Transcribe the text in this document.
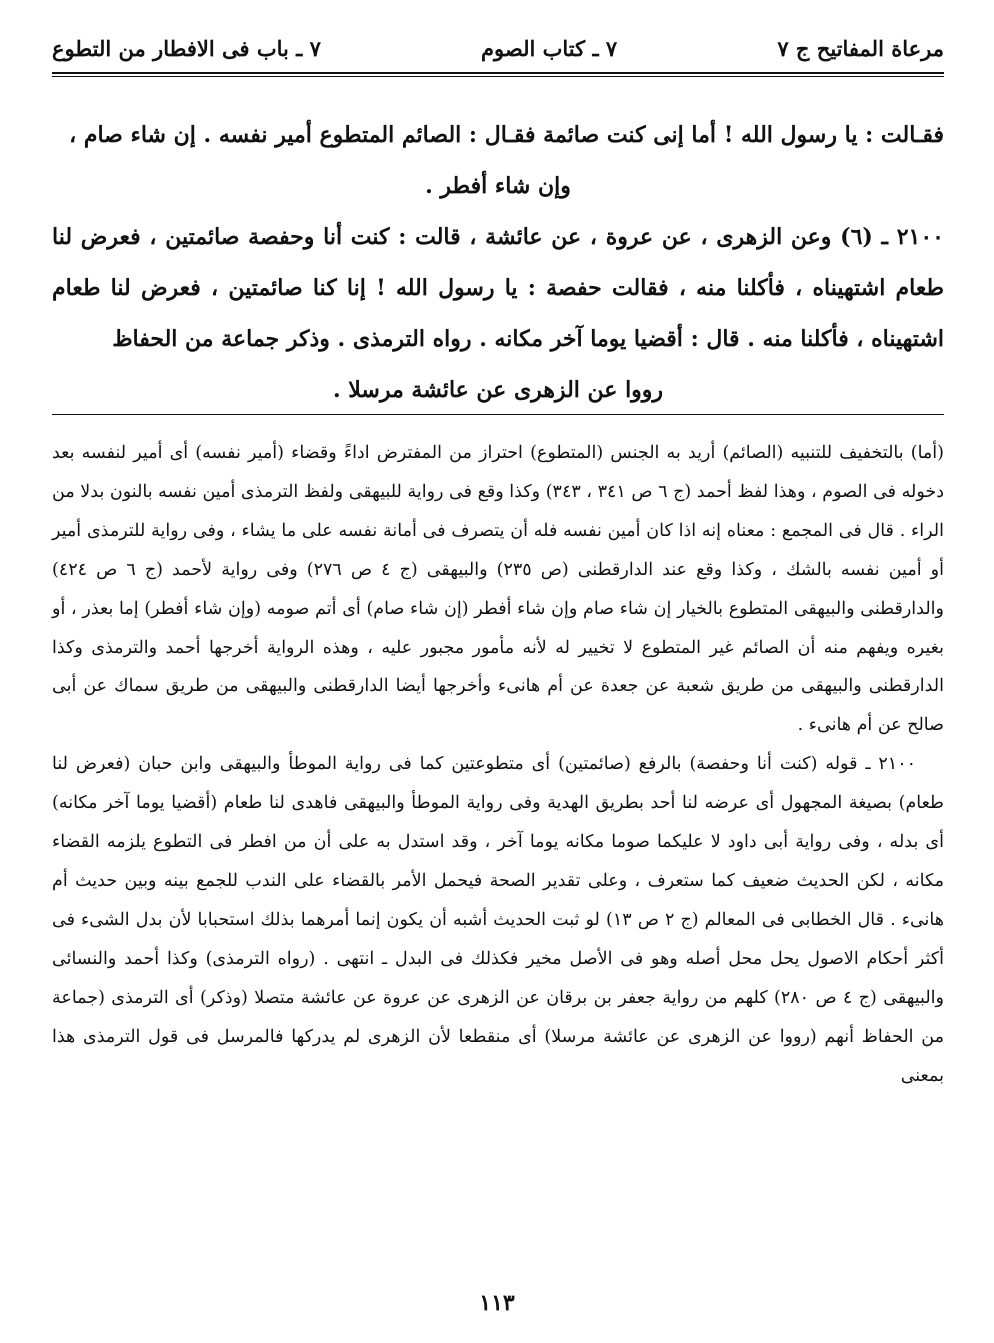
مرعاة المفاتيح ج ٧
٧ ـ كتاب الصوم
٧ ـ باب فى الافطار من التطوع

فقـالت : يا رسول الله ! أما إنى كنت صائمة فقـال : الصائم المتطوع أمير نفسه . إن شاء صام ،

وإن شاء أفطر .

٢١٠٠ ـ (٦) وعن الزهرى ، عن عروة ، عن عائشة ، قالت : كنت أنا وحفصة صائمتين ، فعرض لنا طعام اشتهيناه ، فأكلنا منه ، فقالت حفصة : يا رسول الله ! إنا كنا صائمتين ، فعرض لنا طعام اشتهيناه ، فأكلنا منه . قال : أقضيا يوما آخر مكانه . رواه الترمذى . وذكر جماعة من الحفاظ

رووا عن الزهرى عن عائشة مرسلا .

(أما) بالتخفيف للتنبيه (الصائم) أريد به الجنس (المتطوع) احتراز من المفترض اداءً وقضاء (أمير نفسه) أى أمير لنفسه بعد دخوله فى الصوم ، وهذا لفظ أحمد (ج ٦ ص ٣٤١ ، ٣٤٣) وكذا وقع فى رواية للبيهقى ولفظ الترمذى أمين نفسه بالنون بدلا من الراء . قال فى المجمع : معناه إنه اذا كان أمين نفسه فله أن يتصرف فى أمانة نفسه على ما يشاء ، وفى رواية للترمذى أمير أو أمين نفسه بالشك ، وكذا وقع عند الدارقطنى (ص ٢٣٥) والبيهقى (ج ٤ ص ٢٧٦) وفى رواية لأحمد (ج ٦ ص ٤٢٤) والدارقطنى والبيهقى المتطوع بالخيار إن شاء صام وإن شاء أفطر (إن شاء صام) أى أتم صومه (وإن شاء أفطر) إما بعذر ، أو بغيره ويفهم منه أن الصائم غير المتطوع لا تخيير له لأنه مأمور مجبور عليه ، وهذه الرواية أخرجها أحمد والترمذى وكذا الدارقطنى والبيهقى من طريق شعبة عن جعدة عن أم هانىء وأخرجها أيضا الدارقطنى والبيهقى من طريق سماك عن أبى صالح عن أم هانىء .

٢١٠٠ ـ قوله (كنت أنا وحفصة) بالرفع (صائمتين) أى متطوعتين كما فى رواية الموطأ والبيهقى وابن حبان (فعرض لنا طعام) بصيغة المجهول أى عرضه لنا أحد بطريق الهدية وفى رواية الموطأ والبيهقى فاهدى لنا طعام (أقضيا يوما آخر مكانه) أى بدله ، وفى رواية أبى داود لا عليكما صوما مكانه يوما آخر ، وقد استدل به على أن من افطر فى التطوع يلزمه القضاء مكانه ، لكن الحديث ضعيف كما ستعرف ، وعلى تقدير الصحة فيحمل الأمر بالقضاء على الندب للجمع بينه وبين حديث أم هانىء . قال الخطابى فى المعالم (ج ٢ ص ١٣) لو ثبت الحديث أشبه أن يكون إنما أمرهما بذلك استحبابا لأن بدل الشىء فى أكثر أحكام الاصول يحل محل أصله وهو فى الأصل مخير فكذلك فى البدل ـ انتهى . (رواه الترمذى) وكذا أحمد والنسائى والبيهقى (ج ٤ ص ٢٨٠) كلهم من رواية جعفر بن برقان عن الزهرى عن عروة عن عائشة متصلا (وذكر) أى الترمذى (جماعة من الحفاظ أنهم (رووا عن الزهرى عن عائشة مرسلا) أى منقطعا لأن الزهرى لم يدركها فالمرسل فى قول الترمذى هذا بمعنى

١١٣
